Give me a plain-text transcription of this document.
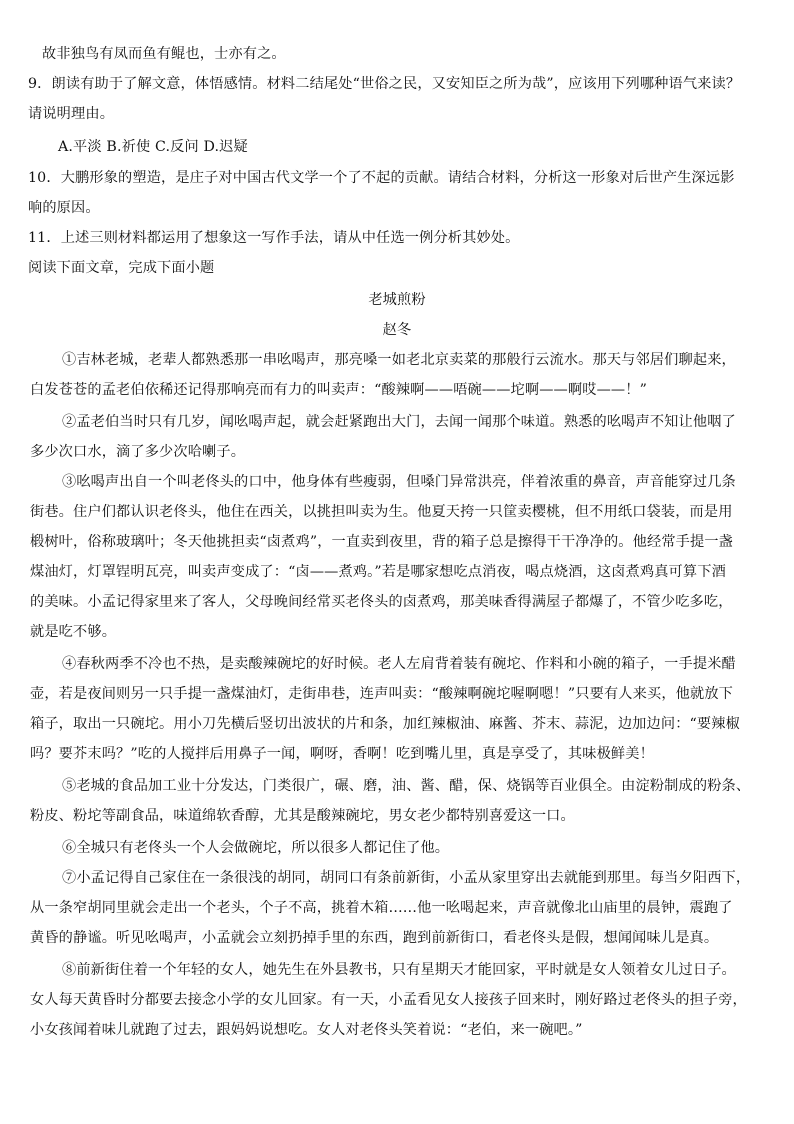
故非独鸟有凤而鱼有鲲也，士亦有之。
9．朗读有助于了解文意，体悟感情。材料二结尾处“世俗之民，又安知臣之所为哉”，应该用下列哪种语气来读？
请说明理由。
A.平淡 B.祈使 C.反问 D.迟疑
10．大鹏形象的塑造，是庄子对中国古代文学一个了不起的贡献。请结合材料，分析这一形象对后世产生深远影
响的原因。
11．上述三则材料都运用了想象这一写作手法，请从中任选一例分析其妙处。
阅读下面文章，完成下面小题
老城煎粉
赵冬
①吉林老城，老辈人都熟悉那一串吆喝声，那亮嗓一如老北京卖菜的那般行云流水。那天与邻居们聊起来，
白发苍苍的孟老伯依稀还记得那响亮而有力的叫卖声：“酸辣啊——唔碗——坨啊——啊哎——！”
②孟老伯当时只有几岁，闻吆喝声起，就会赶紧跑出大门，去闻一闻那个味道。熟悉的吆喝声不知让他咽了
多少次口水，滴了多少次哈喇子。
③吆喝声出自一个叫老佟头的口中，他身体有些瘦弱，但嗓门异常洪亮，伴着浓重的鼻音，声音能穿过几条
街巷。住户们都认识老佟头，他住在西关，以挑担叫卖为生。他夏天挎一只筐卖樱桃，但不用纸口袋装，而是用
椴树叶，俗称玻璃叶；冬天他挑担卖“卤煮鸡”，一直卖到夜里，背的箱子总是擦得干干净净的。他经常手提一盏
煤油灯，灯罩锃明瓦亮，叫卖声变成了：“卤——煮鸡。”若是哪家想吃点消夜，喝点烧酒，这卤煮鸡真可算下酒
的美味。小孟记得家里来了客人，父母晚间经常买老佟头的卤煮鸡，那美味香得满屋子都爆了，不管少吃多吃，
就是吃不够。
④春秋两季不冷也不热，是卖酸辣碗坨的好时候。老人左肩背着装有碗坨、作料和小碗的箱子，一手提米醋
壶，若是夜间则另一只手提一盏煤油灯，走街串巷，连声叫卖：“酸辣啊碗坨喔啊嗯！”只要有人来买，他就放下
箱子，取出一只碗坨。用小刀先横后竖切出波状的片和条，加红辣椒油、麻酱、芥末、蒜泥，边加边问：“要辣椒
吗？要芥末吗？”吃的人搅拌后用鼻子一闻，啊呀，香啊！吃到嘴儿里，真是享受了，其味极鲜美！
⑤老城的食品加工业十分发达，门类很广，碾、磨，油、酱、醋，保、烧锅等百业俱全。由淀粉制成的粉条、
粉皮、粉坨等副食品，味道绵软香醇，尤其是酸辣碗坨，男女老少都特别喜爱这一口。
⑥全城只有老佟头一个人会做碗坨，所以很多人都记住了他。
⑦小孟记得自己家住在一条很浅的胡同，胡同口有条前新街，小孟从家里穿出去就能到那里。每当夕阳西下，
从一条窄胡同里就会走出一个老头，个子不高，挑着木箱……他一吆喝起来，声音就像北山庙里的晨钟，震跑了
黄昏的静谧。听见吆喝声，小孟就会立刻扔掉手里的东西，跑到前新街口，看老佟头是假，想闻闻味儿是真。
⑧前新街住着一个年轻的女人，她先生在外县教书，只有星期天才能回家，平时就是女人领着女儿过日子。
女人每天黄昏时分都要去接念小学的女儿回家。有一天，小孟看见女人接孩子回来时，刚好路过老佟头的担子旁，
小女孩闻着味儿就跑了过去，跟妈妈说想吃。女人对老佟头笑着说：“老伯，来一碗吧。”
